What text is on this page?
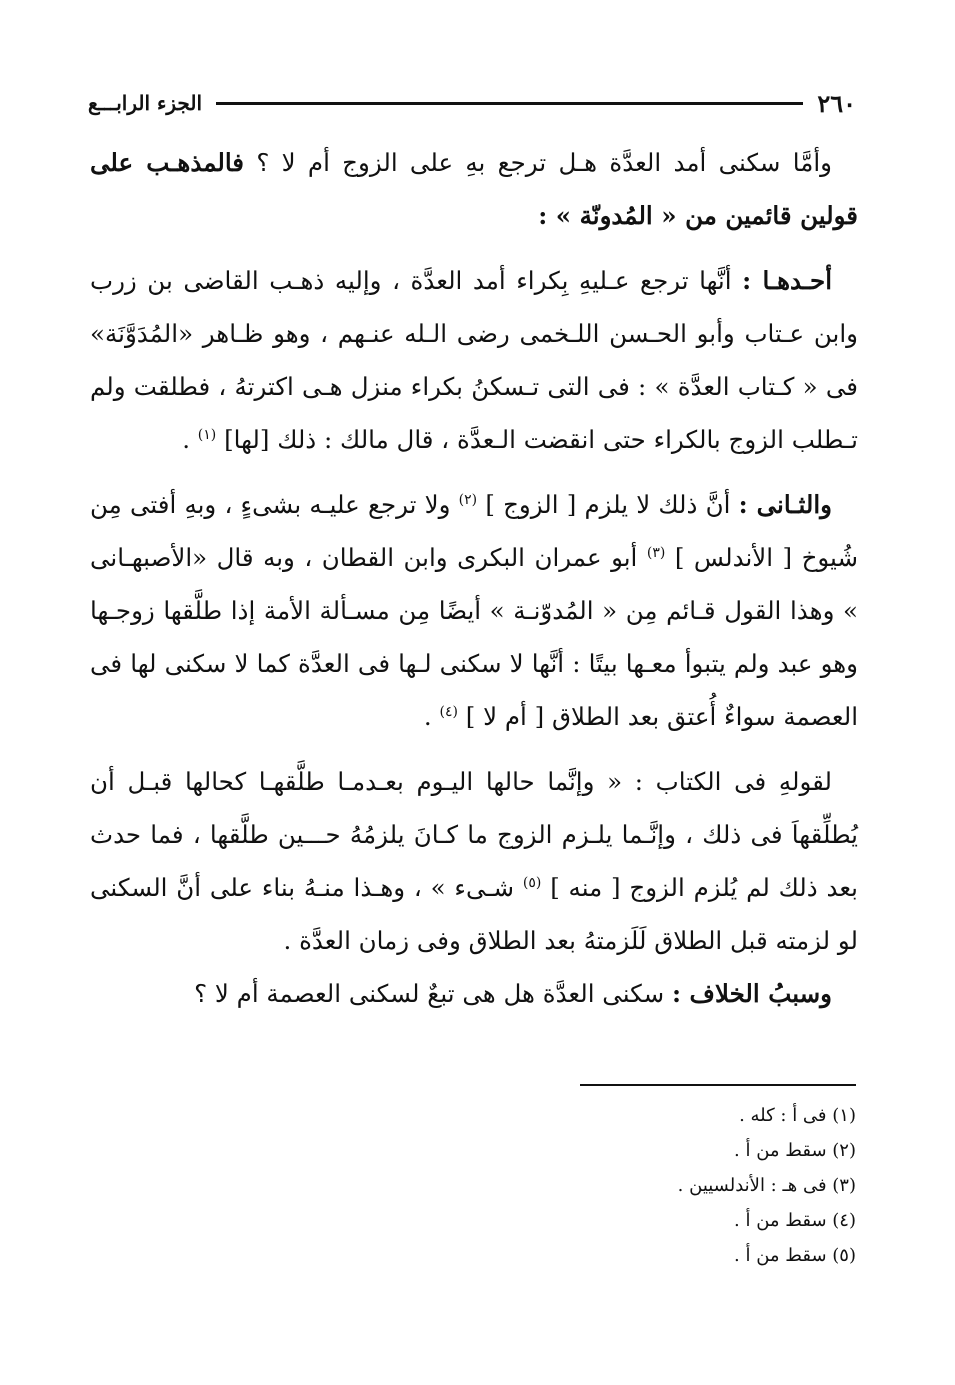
٢٦٠
الجزء الرابـــع

وأمَّا سكنى أمد العدَّة هـل ترجع بهِ على الزوج أم لا ؟ فالمذهـب على قولين قائمين من « المُدونّة » :

أحـدهـا : أنَّها ترجع عـليهِ بِكراء أمد العدَّة ، وإليه ذهـب القاضى بن زرب وابن عـتاب وأبو الحـسن اللـخمى رضى الـله عنـهم ، وهو ظـاهر «المُدَوَّنَة» فى « كـتاب العدَّة » : فى التى تـسكنُ بكراء منزل هـى اكترتهُ ، فطلقت ولم تـطلب الزوج بالكراء حتى انقضت الـعدَّة ، قال مالك : ذلك [لها] $^{(١)}$ .

والثـانى : أنَّ ذلك لا يلزم [ الزوج ] $^{(٢)}$ ولا ترجع عليـه بشىءٍ ، وبهِ أفتى مِن شُيوخ [ الأندلس ] $^{(٣)}$ أبو عمران البكرى وابن القطان ، وبه قال «الأصبهـانى » وهذا القول قـائم مِن « المُدوّنـة » أيضًا مِن مسـألة الأمة إذا طلَّقها زوجـها وهو عبد ولم يتبوأ معـها بيتًا : أنَّها لا سكنى لـها فى العدَّة كما لا سكنى لها فى العصمة سواءٌ أُعتق بعد الطلاق [ أم لا ] $^{(٤)}$ .

لقولهِ فى الكتاب : « وإنَّما حالها اليـوم بعـدمـا طلَّقهـا كحالها قبـل أن يُطلِّقهاَ فى ذلك ، وإنَّـما يلـزم الزوج ما كـانَ يلزمُهُ حـــين طلَّقها ، فما حدث بعد ذلك لم يُلزم الزوج [ منه ] $^{(٥)}$ شـىء » ، وهـذا منـهُ بناء على أنَّ السكنى لو لزمته قبل الطلاق لَلَزمتهُ بعد الطلاق وفى زمان العدَّة .

وسببُ الخلاف : سكنى العدَّة هل هى تبعٌ لسكنى العصمة أم لا ؟

(١) فى أ : كله .
(٢) سقط من أ .
(٣) فى هـ : الأندلسيين .
(٤) سقط من أ .
(٥) سقط من أ .
